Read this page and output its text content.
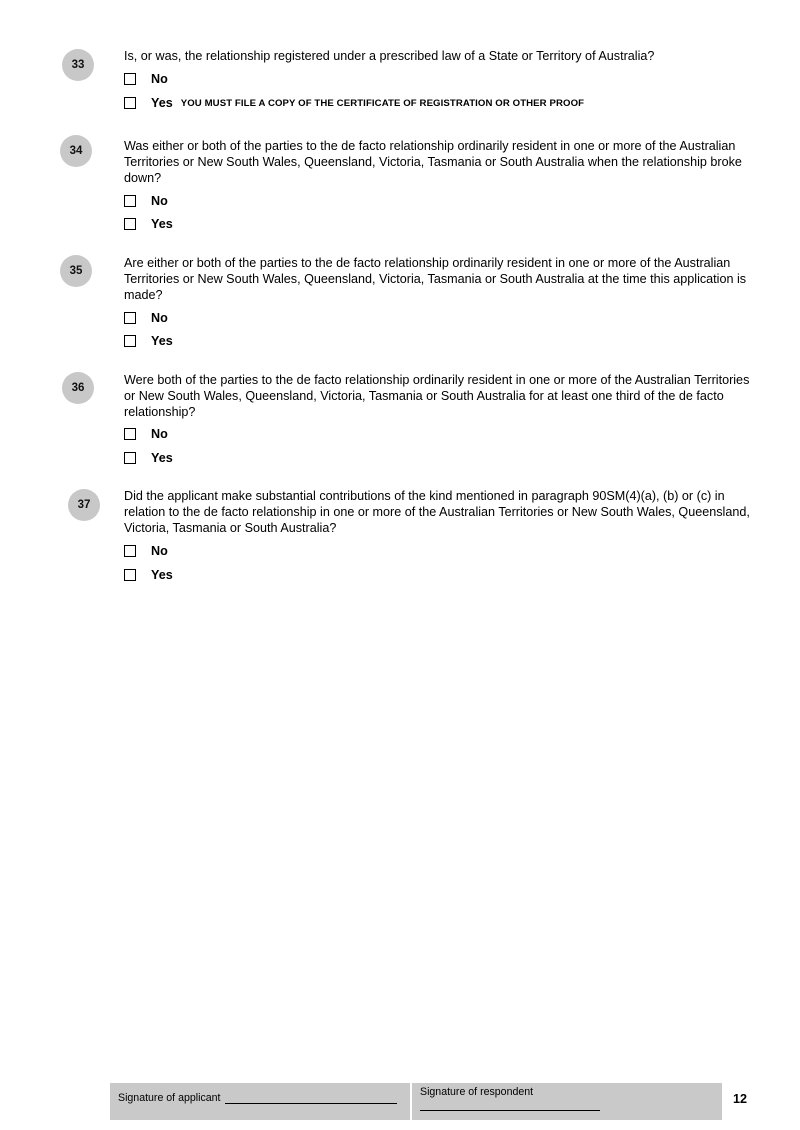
33
Is, or was, the relationship registered under a prescribed law of a State or Territory of Australia?
No
Yes YOU MUST FILE A COPY OF THE CERTIFICATE OF REGISTRATION OR OTHER PROOF
34	Was either or both of the parties to the de facto relationship ordinarily resident in one or more of the Australian Territories or New South Wales, Queensland, Victoria, Tasmania or South Australia when the relationship broke down?
No
Yes
35
Are either or both of the parties to the de facto relationship ordinarily resident in one or more of the Australian Territories or New South Wales, Queensland, Victoria, Tasmania or South Australia at the time this application is made?
No
Yes
36
Were both of the parties to the de facto relationship ordinarily resident in one or more of the Australian Territories or New South Wales, Queensland, Victoria, Tasmania or South Australia for at least one third of the de facto relationship?
No
Yes
37
Did the applicant make substantial contributions of the kind mentioned in paragraph 90SM(4)(a), (b) or (c) in relation to the de facto relationship in one or more of the Australian Territories or New South Wales, Queensland, Victoria, Tasmania or South Australia?
No
Yes
Signature of applicant	Signature of respondent	12
